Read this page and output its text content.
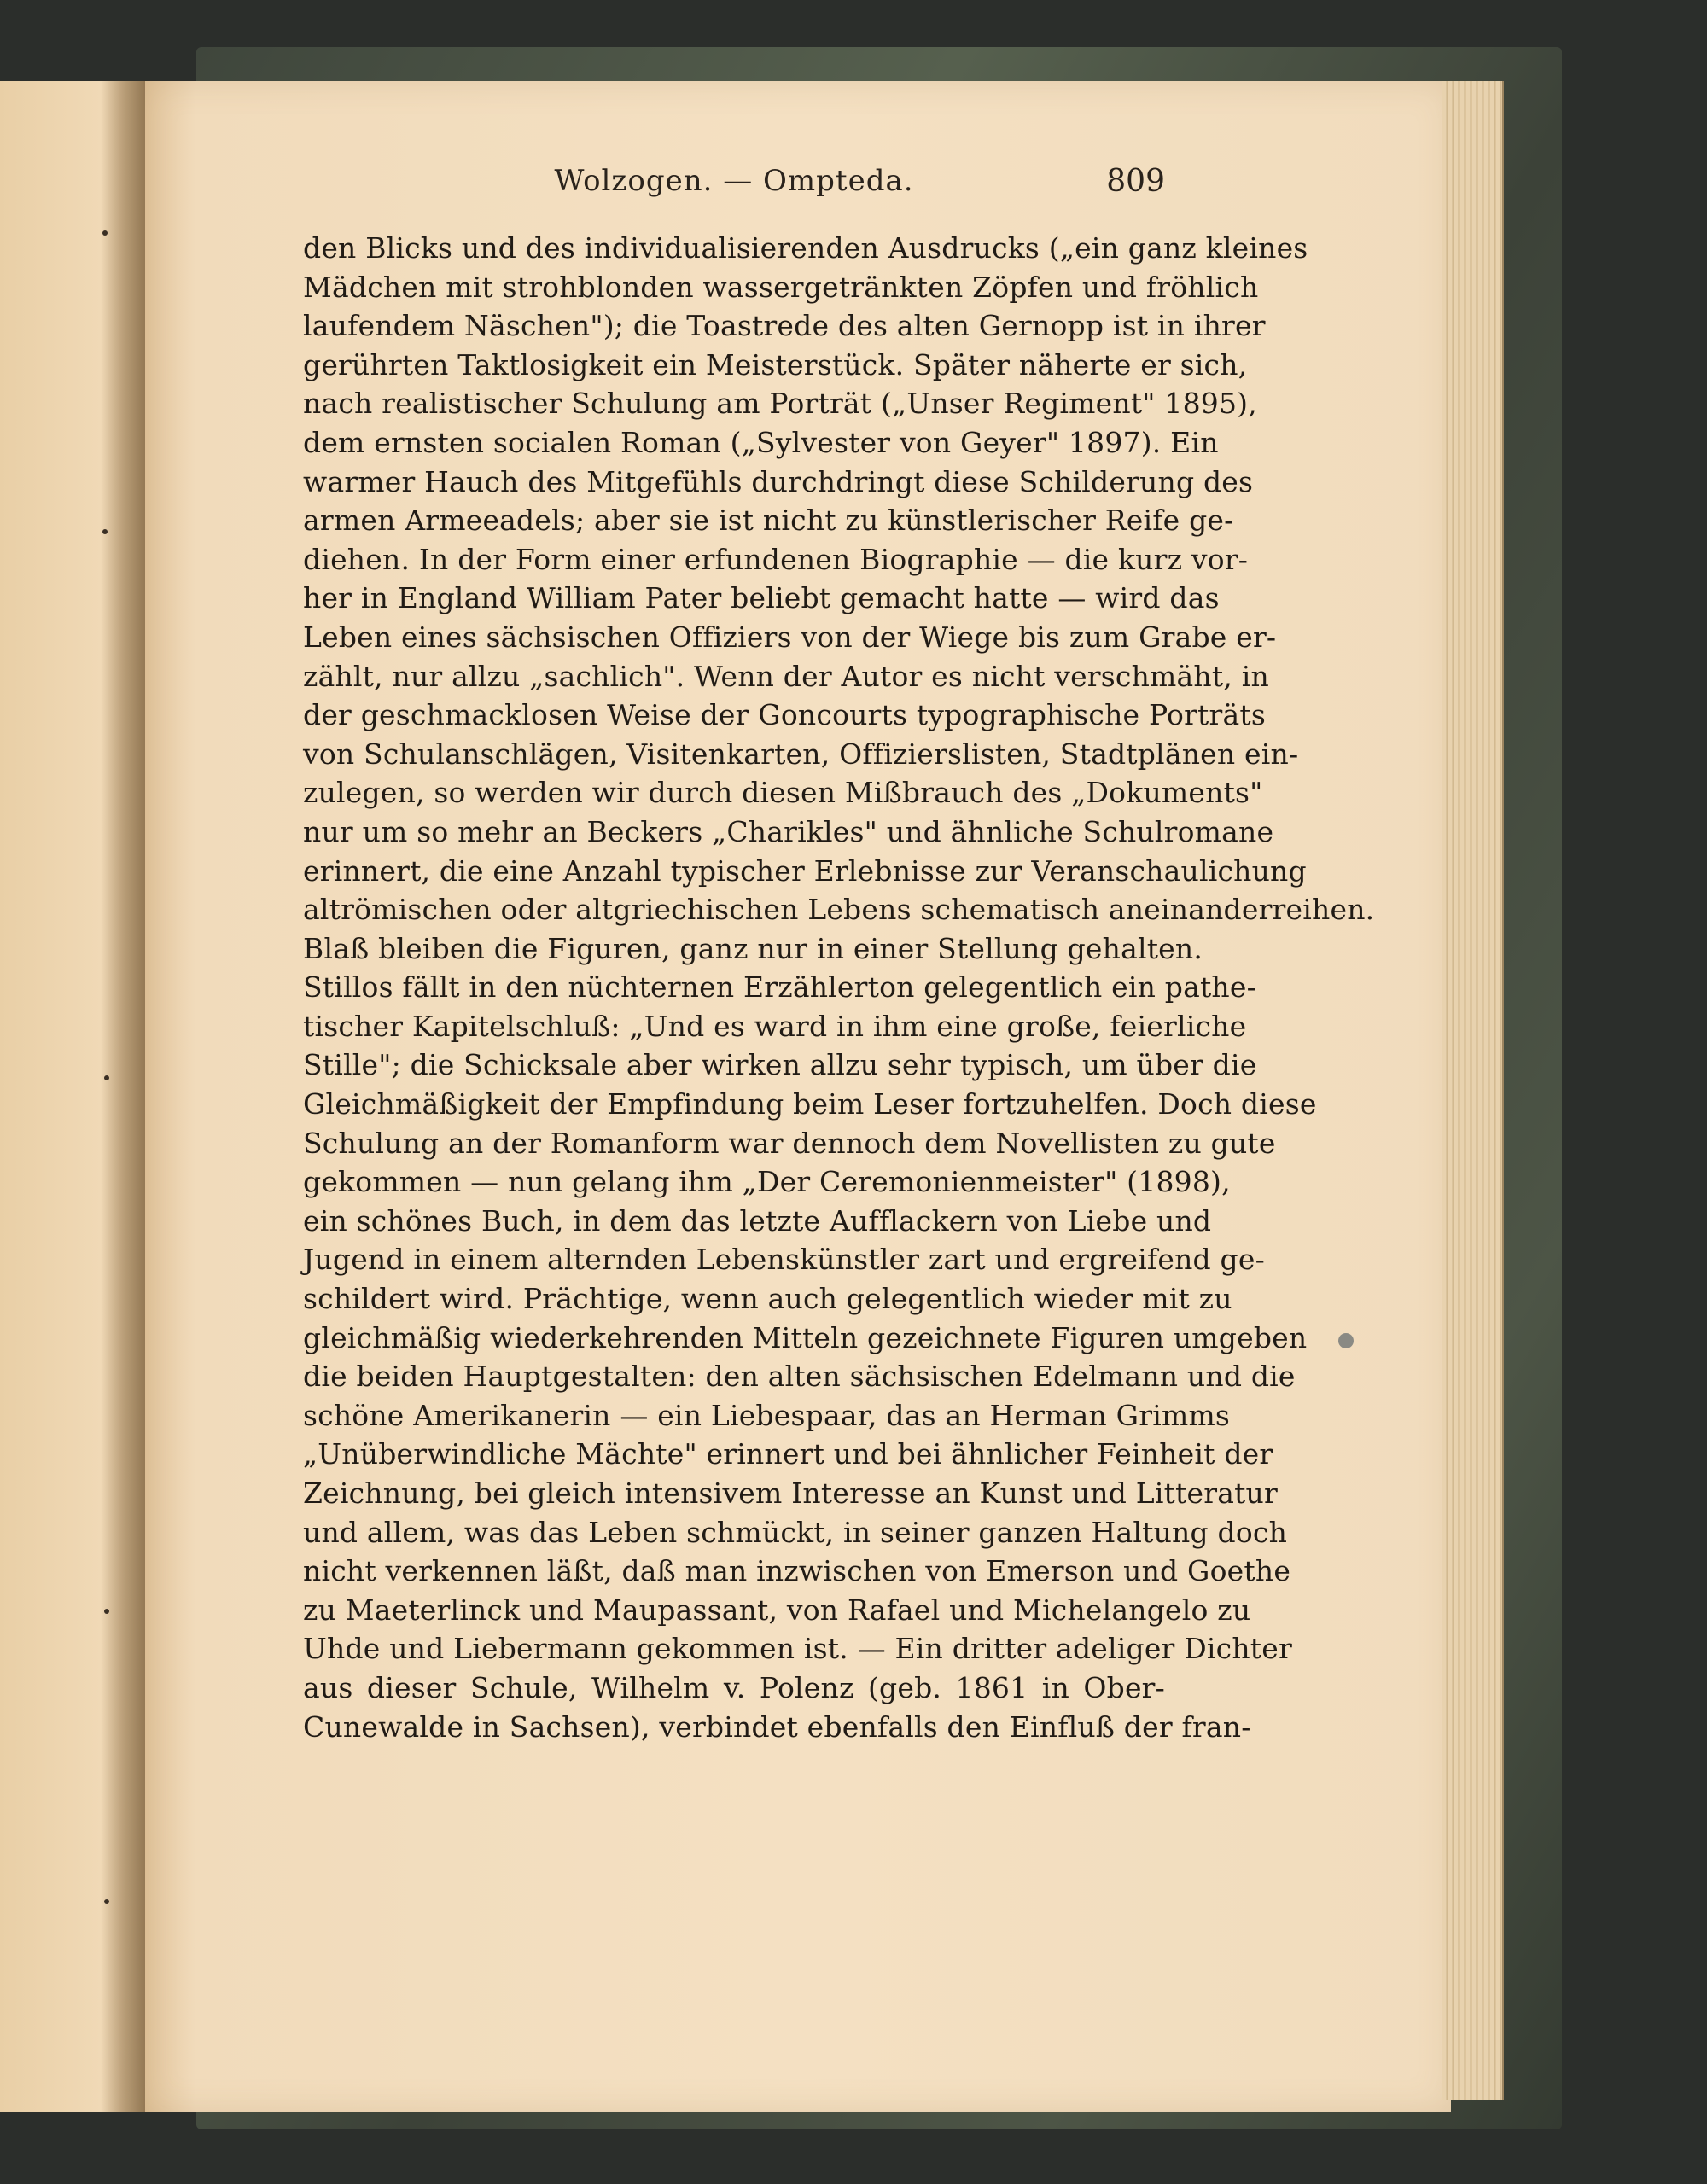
Wolzogen. — Ompteda.	809
den Blicks und des individualisierenden Ausdrucks („ein ganz kleines
Mädchen mit strohblonden wassergetränkten Zöpfen und fröhlich
laufendem Näschen"); die Toastrede des alten Gernopp ist in ihrer
gerührten Taktlosigkeit ein Meisterstück. Später näherte er sich,
nach realistischer Schulung am Porträt („Unser Regiment" 1895),
dem ernsten socialen Roman („Sylvester von Geyer" 1897). Ein
warmer Hauch des Mitgefühls durchdringt diese Schilderung des
armen Armeeadels; aber sie ist nicht zu künstlerischer Reife ge-
diehen. In der Form einer erfundenen Biographie — die kurz vor-
her in England William Pater beliebt gemacht hatte — wird das
Leben eines sächsischen Offiziers von der Wiege bis zum Grabe er-
zählt, nur allzu „sachlich". Wenn der Autor es nicht verschmäht, in
der geschmacklosen Weise der Goncourts typographische Porträts
von Schulanschlägen, Visitenkarten, Offizierslisten, Stadtplänen ein-
zulegen, so werden wir durch diesen Mißbrauch des „Dokuments"
nur um so mehr an Beckers „Charikles" und ähnliche Schulromane
erinnert, die eine Anzahl typischer Erlebnisse zur Veranschaulichung
altrömischen oder altgriechischen Lebens schematisch aneinanderreihen.
Blaß bleiben die Figuren, ganz nur in einer Stellung gehalten.
Stillos fällt in den nüchternen Erzählerton gelegentlich ein pathe-
tischer Kapitelschluß: „Und es ward in ihm eine große, feierliche
Stille"; die Schicksale aber wirken allzu sehr typisch, um über die
Gleichmäßigkeit der Empfindung beim Leser fortzuhelfen. Doch diese
Schulung an der Romanform war dennoch dem Novellisten zu gute
gekommen — nun gelang ihm „Der Ceremonienmeister" (1898),
ein schönes Buch, in dem das letzte Aufflackern von Liebe und
Jugend in einem alternden Lebenskünstler zart und ergreifend ge-
schildert wird. Prächtige, wenn auch gelegentlich wieder mit zu
gleichmäßig wiederkehrenden Mitteln gezeichnete Figuren umgeben
die beiden Hauptgestalten: den alten sächsischen Edelmann und die
schöne Amerikanerin — ein Liebespaar, das an Herman Grimms
„Unüberwindliche Mächte" erinnert und bei ähnlicher Feinheit der
Zeichnung, bei gleich intensivem Interesse an Kunst und Litteratur
und allem, was das Leben schmückt, in seiner ganzen Haltung doch
nicht verkennen läßt, daß man inzwischen von Emerson und Goethe
zu Maeterlinck und Maupassant, von Rafael und Michelangelo zu
Uhde und Liebermann gekommen ist. — Ein dritter adeliger Dichter
aus dieser Schule, Wilhelm v. Polenz (geb. 1861 in Ober-
Cunewalde in Sachsen), verbindet ebenfalls den Einfluß der fran-
